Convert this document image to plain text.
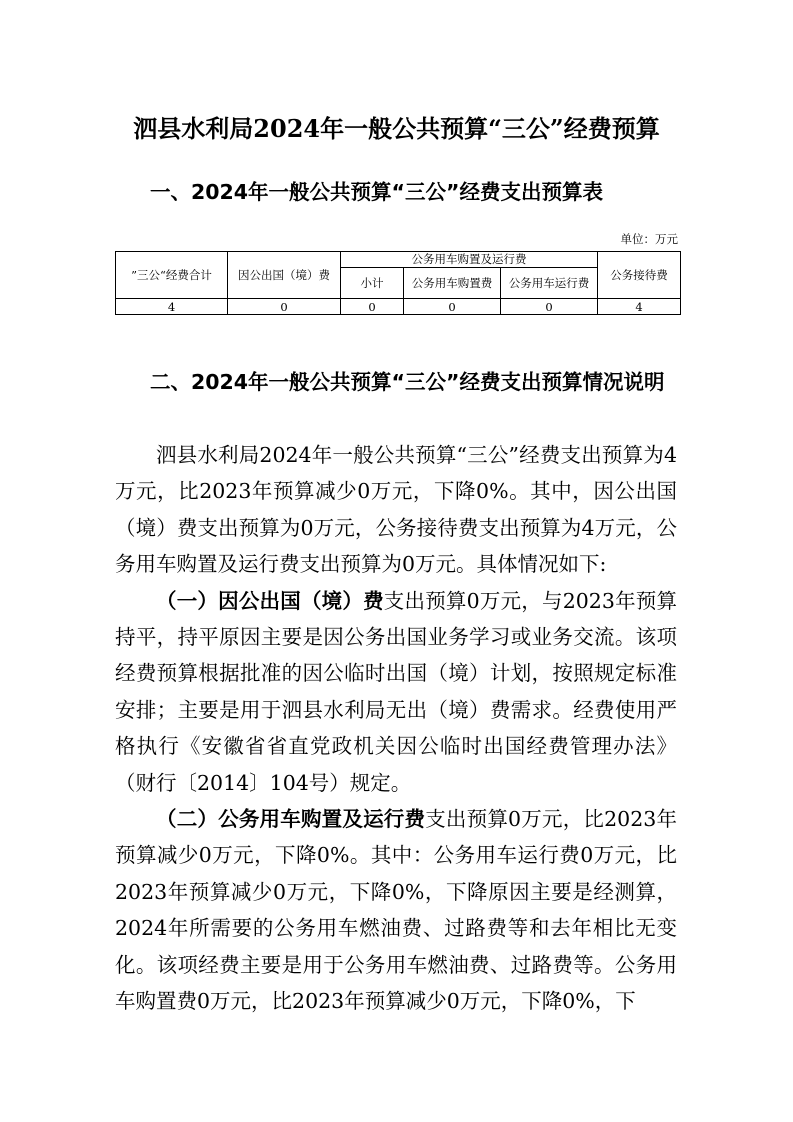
泗县水利局2024年一般公共预算“三公”经费预算
一、2024年一般公共预算“三公”经费支出预算表
单位：万元
”三公“经费合计	因公出国（境）费	公务用车购置及运行费			公务接待费
		小计	公务用车购置费	公务用车运行费	
4	0	0	0	0	4
二、2024年一般公共预算“三公”经费支出预算情况说明

泗县水利局2024年一般公共预算“三公”经费支出预算为4万元，比2023年预算减少0万元，下降0%。其中，因公出国（境）费支出预算为0万元，公务接待费支出预算为4万元，公务用车购置及运行费支出预算为0万元。具体情况如下:

（一）因公出国（境）费支出预算0万元，与2023年预算持平，持平原因主要是因公务出国业务学习或业务交流。该项经费预算根据批准的因公临时出国（境）计划，按照规定标准安排；主要是用于泗县水利局无出（境）费需求。经费使用严格执行《安徽省省直党政机关因公临时出国经费管理办法》（财行〔2014〕104号）规定。

（二）公务用车购置及运行费支出预算0万元，比2023年预算减少0万元，下降0%。其中：公务用车运行费0万元，比2023年预算减少0万元，下降0%，下降原因主要是经测算，2024年所需要的公务用车燃油费、过路费等和去年相比无变化。该项经费主要是用于公务用车燃油费、过路费等。公务用车购置费0万元，比2023年预算减少0万元，下降0%，下
